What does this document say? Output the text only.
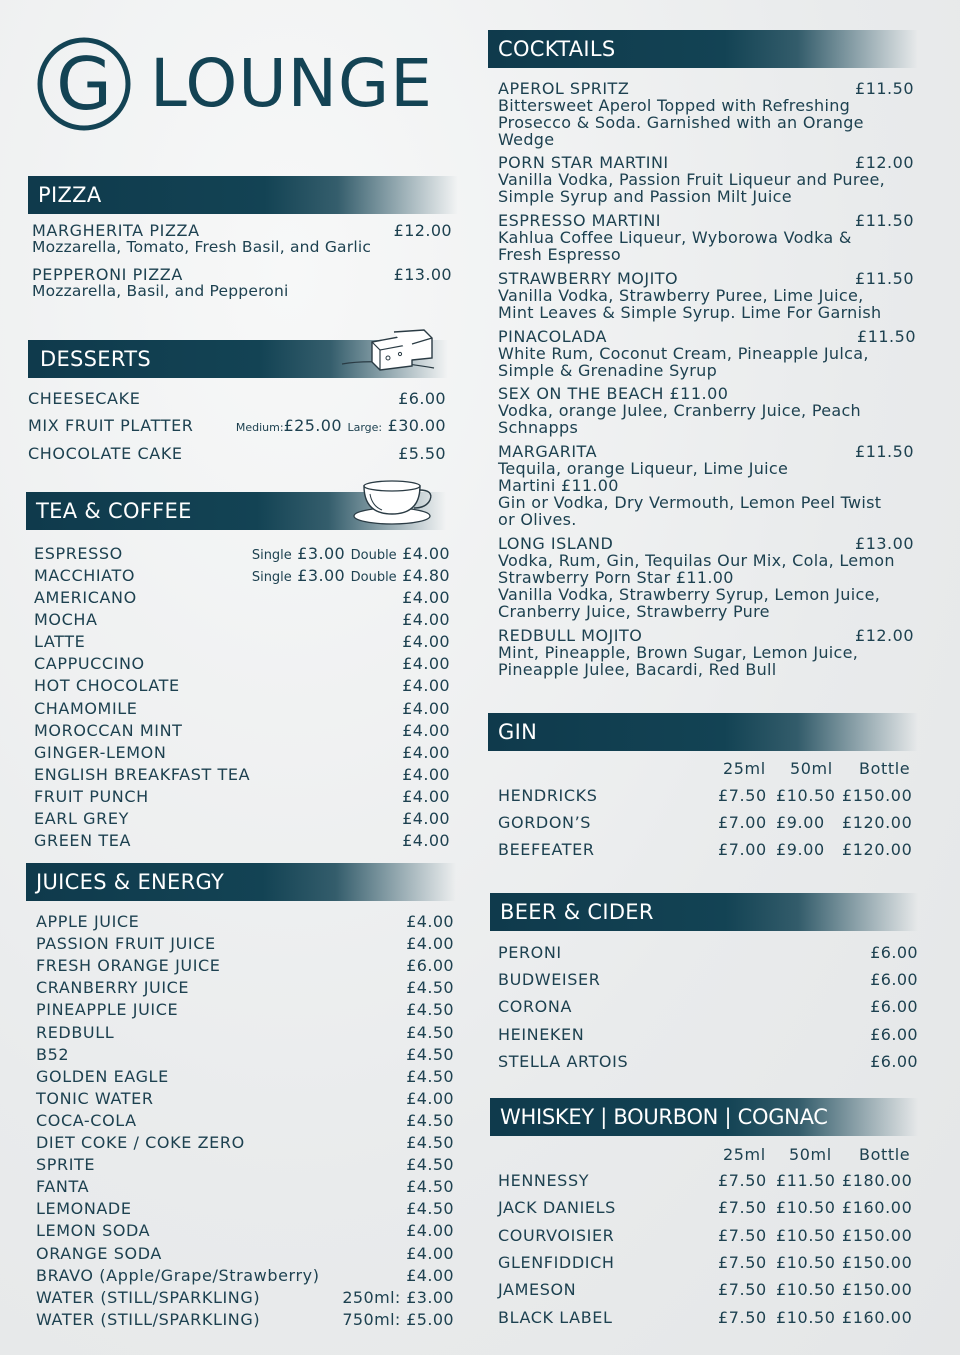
G LOUNGE
PIZZA
MARGHERITA PIZZA	£12.00
Mozzarella, Tomato, Fresh Basil, and Garlic
PEPPERONI PIZZA	£13.00
Mozzarella, Basil, and Pepperoni
DESSERTS
CHEESECAKE	£6.00
MIX FRUIT PLATTER	Medium:£25.00 Large: £30.00
CHOCOLATE CAKE	£5.50
TEA & COFFEE
ESPRESSO	Single £3.00 Double £4.00
MACCHIATO	Single £3.00 Double £4.80
AMERICANO	£4.00
MOCHA	£4.00
LATTE	£4.00
CAPPUCCINO	£4.00
HOT CHOCOLATE	£4.00
CHAMOMILE	£4.00
MOROCCAN MINT	£4.00
GINGER-LEMON	£4.00
ENGLISH BREAKFAST TEA	£4.00
FRUIT PUNCH	£4.00
EARL GREY	£4.00
GREEN TEA	£4.00
JUICES & ENERGY
APPLE JUICE	£4.00
PASSION FRUIT JUICE	£4.00
FRESH ORANGE JUICE	£6.00
CRANBERRY JUICE	£4.50
PINEAPPLE JUICE	£4.50
REDBULL	£4.50
B52	£4.50
GOLDEN EAGLE	£4.50
TONIC WATER	£4.00
COCA-COLA	£4.50
DIET COKE / COKE ZERO	£4.50
SPRITE	£4.50
FANTA	£4.50
LEMONADE	£4.50
LEMON SODA	£4.00
ORANGE SODA	£4.00
BRAVO (Apple/Grape/Strawberry)	£4.00
WATER (STILL/SPARKLING)	250ml: £3.00
WATER (STILL/SPARKLING)	750ml: £5.00
COCKTAILS
APEROL SPRITZ	£11.50
Bittersweet Aperol Topped with Refreshing
Prosecco & Soda. Garnished with an Orange
Wedge
PORN STAR MARTINI	£12.00
Vanilla Vodka, Passion Fruit Liqueur and Puree,
Simple Syrup and Passion Milt Juice
ESPRESSO MARTINI	£11.50
Kahlua Coffee Liqueur, Wyborowa Vodka &
Fresh Espresso
STRAWBERRY MOJITO	£11.50
Vanilla Vodka, Strawberry Puree, Lime Juice,
Mint Leaves & Simple Syrup. Lime For Garnish
PINACOLADA	£11.50
White Rum, Coconut Cream, Pineapple Julca,
Simple & Grenadine Syrup
SEX ON THE BEACH £11.00
Vodka, orange Julee, Cranberry Juice, Peach
Schnapps
MARGARITA	£11.50
Tequila, orange Liqueur, Lime Juice
Martini £11.00
Gin or Vodka, Dry Vermouth, Lemon Peel Twist
or Olives.
LONG ISLAND	£13.00
Vodka, Rum, Gin, Tequilas Our Mix, Cola, Lemon
Strawberry Porn Star £11.00
Vanilla Vodka, Strawberry Syrup, Lemon Juice,
Cranberry Juice, Strawberry Pure
REDBULL MOJITO	£12.00
Mint, Pineapple, Brown Sugar, Lemon Juice,
Pineapple Julee, Bacardi, Red Bull
GIN
25ml 50ml Bottle
HENDRICKS	£7.50 £10.50 £150.00
GORDON’S	£7.00 £9.00 £120.00
BEEFEATER	£7.00 £9.00 £120.00
BEER & CIDER
PERONI	£6.00
BUDWEISER	£6.00
CORONA	£6.00
HEINEKEN	£6.00
STELLA ARTOIS	£6.00
WHISKEY | BOURBON | COGNAC
25ml 50ml Bottle
HENNESSY	£7.50 £11.50 £180.00
JACK DANIELS	£7.50 £10.50 £160.00
COURVOISIER	£7.50 £10.50 £150.00
GLENFIDDICH	£7.50 £10.50 £150.00
JAMESON	£7.50 £10.50 £150.00
BLACK LABEL	£7.50 £10.50 £160.00
